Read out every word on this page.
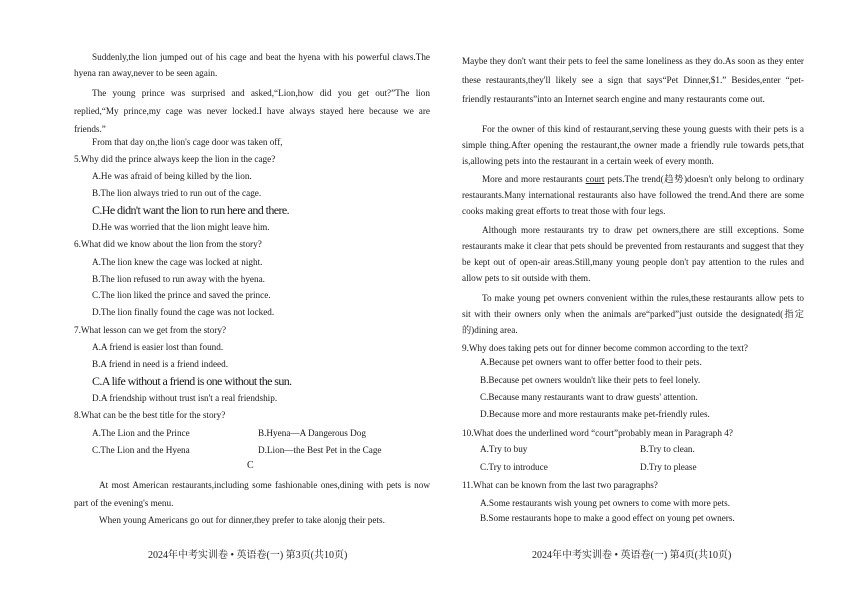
Suddenly,the lion jumped out of his cage and beat the hyena with his powerful claws.The hyena ran away,never to be seen again.

The young prince was surprised and asked,“Lion,how did you get out?”The lion replied,“My prince,my cage was never locked.I have always stayed here because we are friends.”

From that day on,the lion's cage door was taken off,

5.Why did the prince always keep the lion in the cage?

A.He was afraid of being killed by the lion.

B.The lion always tried to run out of the cage.

C.He didn't want the lion to run here and there.

D.He was worried that the lion might leave him.

6.What did we know about the lion from the story?

A.The lion knew the cage was locked at night.

B.The lion refused to run away with the hyena.

C.The lion liked the prince and saved the prince.

D.The lion finally found the cage was not locked.

7.What lesson can we get from the story?

A.A friend is easier lost than found.

B.A friend in need is a friend indeed.

C.A life without a friend is one without the sun.

D.A friendship without trust isn't a real friendship.

8.What can be the best title for the story?

A.The Lion and the Prince	B.Hyena—A Dangerous Dog

C.The Lion and the Hyena	D.Lion—the Best Pet in the Cage

C

At most American restaurants,including some fashionable ones,dining with pets is now part of the evening's menu.

When young Americans go out for dinner,they prefer to take alonjg their pets.

2024年中考实训卷 • 英语卷(一) 第3页(共10页)

Maybe they don't want their pets to feel the same loneliness as they do.As soon as they enter these restaurants,they'll likely see a sign that says“Pet Dinner,$1.” Besides,enter “pet-friendly restaurants”into an Internet search engine and many restaurants come out.

For the owner of this kind of restaurant,serving these young guests with their pets is a simple thing.After opening the restaurant,the owner made a friendly rule towards pets,that is,allowing pets into the restaurant in a certain week of every month.

More and more restaurants court pets.The trend(趋势)doesn't only belong to ordinary restaurants.Many international restaurants also have followed the trend.And there are some cooks making great efforts to treat those with four legs.

Although more restaurants try to draw pet owners,there are still exceptions. Some restaurants make it clear that pets should be prevented from restaurants and suggest that they be kept out of open-air areas.Still,many young people don't pay attention to the rules and allow pets to sit outside with them.

To make young pet owners convenient within the rules,these restaurants allow pets to sit with their owners only when the animals are“parked”just outside the designated(指定的)dining area.

9.Why does taking pets out for dinner become common according to the text?

A.Because pet owners want to offer better food to their pets.

B.Because pet owners wouldn't like their pets to feel lonely.

C.Because many restaurants want to draw guests' attention.

D.Because more and more restaurants make pet-friendly rules.

10.What does the underlined word “court”probably mean in Paragraph 4?

A.Try to buy	B.Try to clean.

C.Try to introduce	D.Try to please

11.What can be known from the last two paragraphs?

A.Some restaurants wish young pet owners to come with more pets.

B.Some restaurants hope to make a good effect on young pet owners.

2024年中考实训卷 • 英语卷(一) 第4页(共10页)
